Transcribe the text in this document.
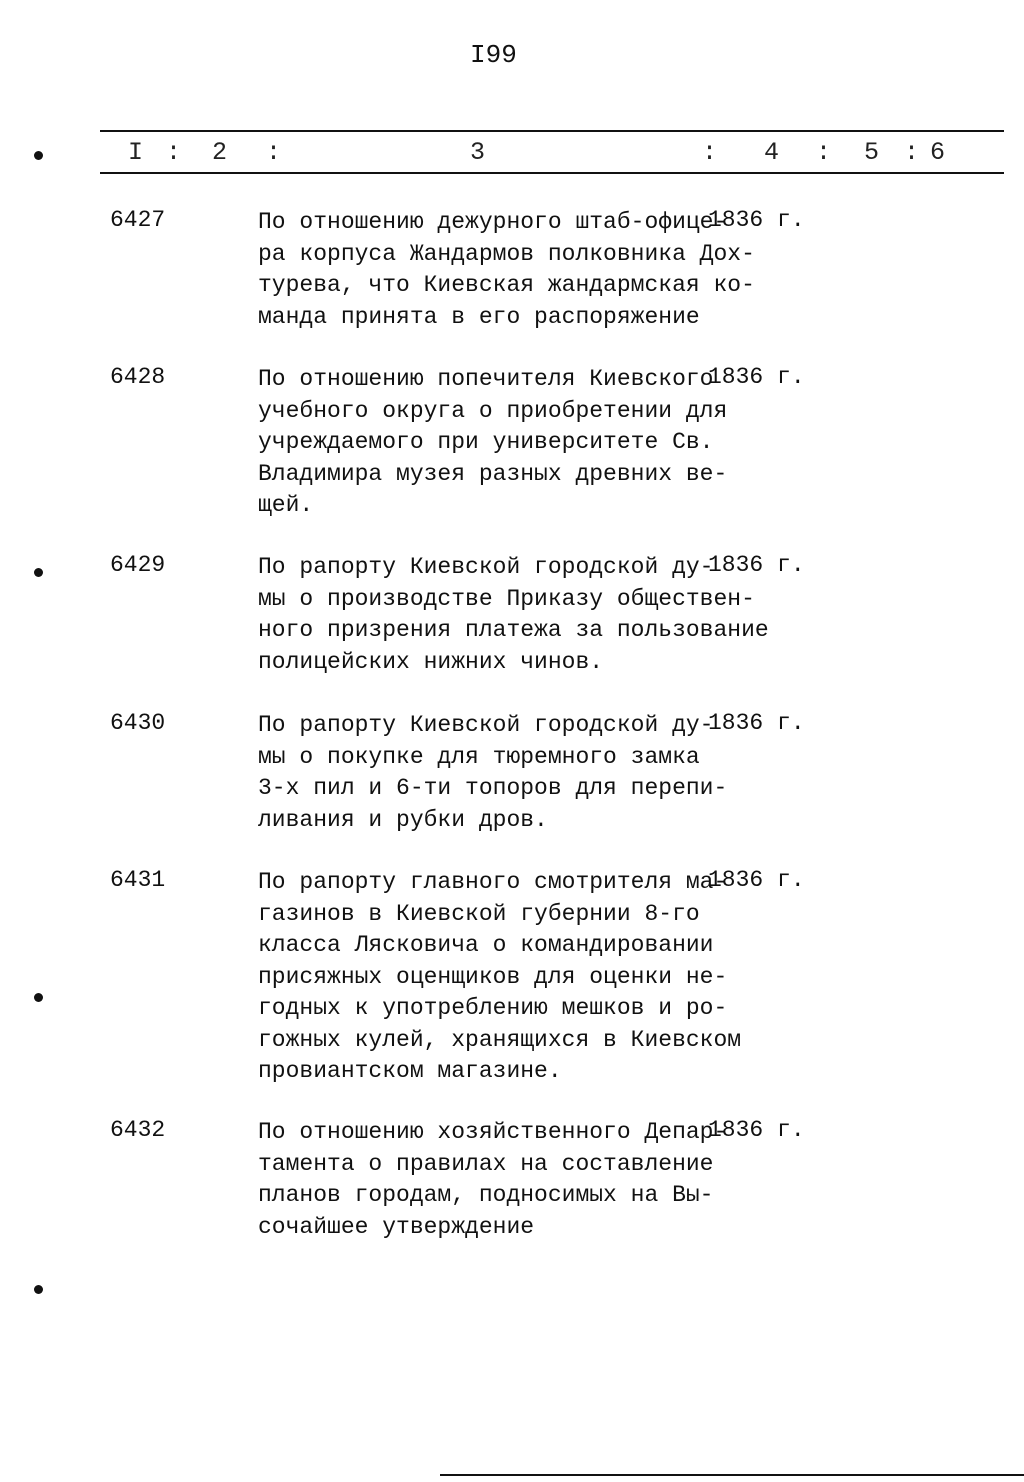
I99
I : 2 :	3	: 4 : 5 : 6
6427	По отношению дежурного штаб-офице-
ра корпуса Жандармов полковника Дох-
турева, что Киевская жандармская ко-
манда принята в его распоряжение
1836 г.
6428	По отношению попечителя Киевского
учебного округа о приобретении для
учреждаемого при университете Св.
Владимира музея разных древних ве-
щей.
1836 г.
6429	По рапорту Киевской городской ду-
мы о производстве Приказу обществен-
ного призрения платежа за пользование
полицейских нижних чинов.
1836 г.
6430	По рапорту Киевской городской ду-
мы о покупке для тюремного замка
3-х пил и 6-ти топоров для перепи-
ливания и рубки дров.
1836 г.
6431	По рапорту главного смотрителя ма-
газинов в Киевской губернии 8-го
класса Лясковича о командировании
присяжных оценщиков для оценки не-
годных к употреблению мешков и ро-
гожных кулей, хранящихся в Киевском
провиантском магазине.
1836 г.
6432	По отношению хозяйственного Депар-
тамента о правилах на составление
планов городам, подносимых на Вы-
сочайшее утверждение
1836 г.
